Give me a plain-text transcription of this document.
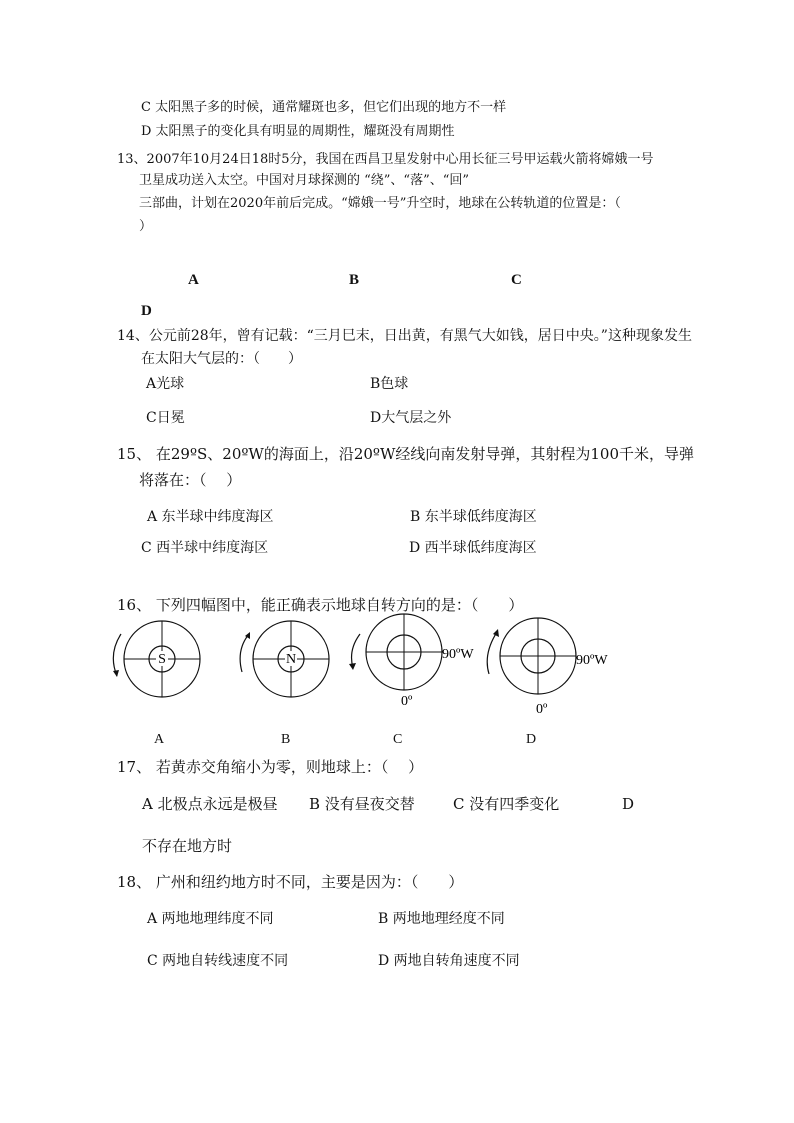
C 太阳黑子多的时候，通常耀斑也多，但它们出现的地方不一样
D 太阳黑子的变化具有明显的周期性，耀斑没有周期性
13、2007年10月24日18时5分，我国在西昌卫星发射中心用长征三号甲运载火箭将嫦娥一号
卫星成功送入太空。中国对月球探测的 “绕”、“落”、“回”
三部曲，计划在2020年前后完成。“嫦娥一号”升空时，地球在公转轨道的位置是：（
）
A	B	C
D
14、公元前28年，曾有记载：“三月巳末，日出黄，有黑气大如钱，居日中央。”这种现象发生
在太阳大气层的：（　　）
A光球	B色球
C日冕	D大气层之外
15、 在29ºS、20ºW的海面上，沿20ºW经线向南发射导弹，其射程为100千米，导弹
将落在：（　 ）
A 东半球中纬度海区	B 东半球低纬度海区
C 西半球中纬度海区	D 西半球低纬度海区
16、 下列四幅图中，能正确表示地球自转方向的是：（　　）
S	N	90ºW
0º
90ºW
0º
A	B	C	D
17、 若黄赤交角缩小为零，则地球上：（　 ）
A 北极点永远是极昼 B 没有昼夜交替	C 没有四季变化	D
不存在地方时
18、 广州和纽约地方时不同，主要是因为：（　　）
A 两地地理纬度不同	B 两地地理经度不同
C 两地自转线速度不同	D 两地自转角速度不同
